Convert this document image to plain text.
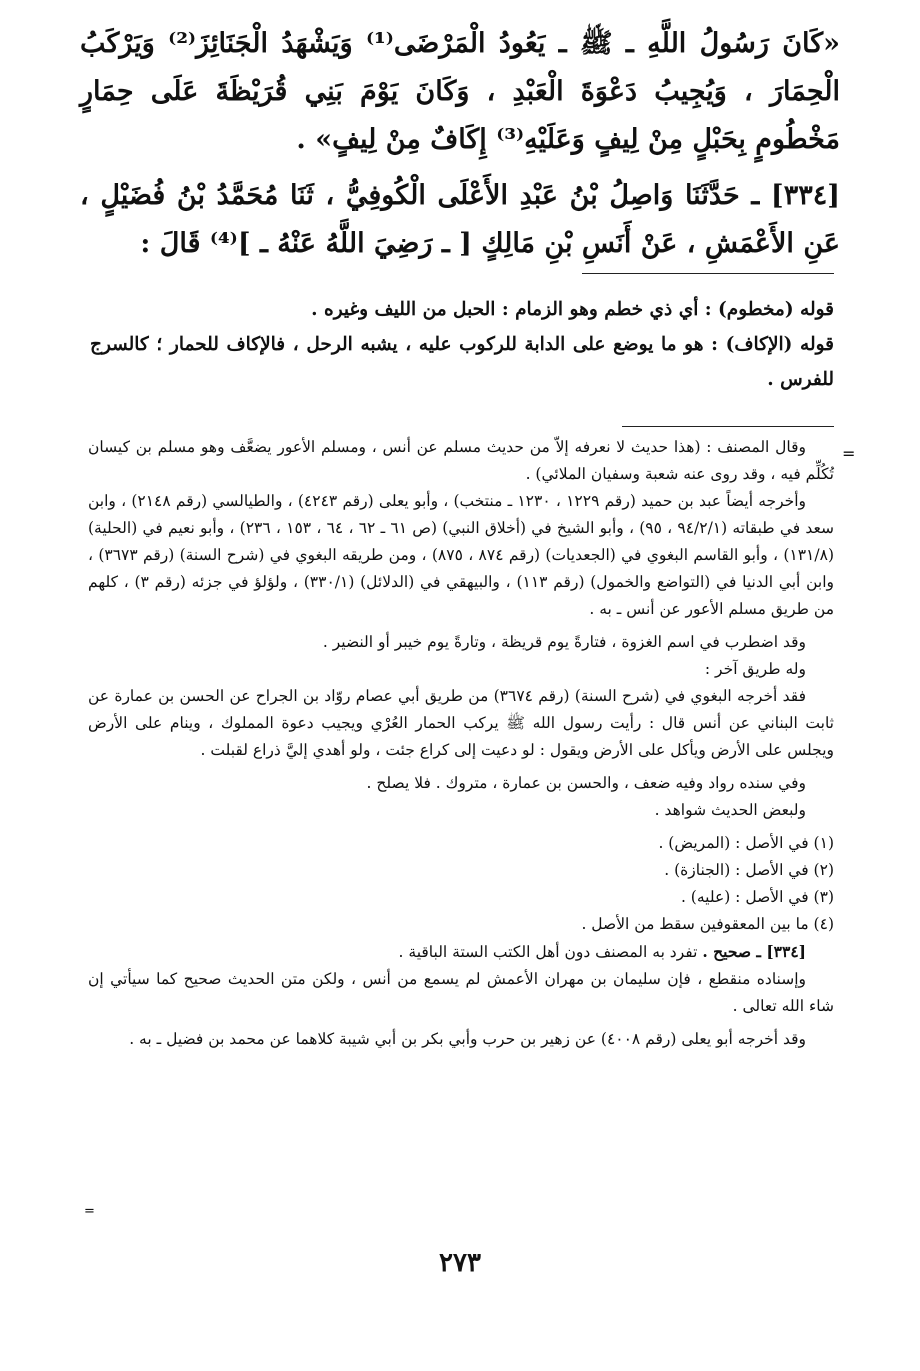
«كَانَ رَسُولُ اللَّهِ ـ ﷺ ـ يَعُودُ الْمَرْضَى⁽¹⁾ وَيَشْهَدُ الْجَنَائِزَ⁽²⁾ وَيَرْكَبُ الْحِمَارَ ، وَيُجِيبُ دَعْوَةَ الْعَبْدِ ، وَكَانَ يَوْمَ بَنِي قُرَيْظَةَ عَلَى حِمَارٍ مَخْطُومٍ بِحَبْلٍ مِنْ لِيفٍ وَعَلَيْهِ⁽³⁾ إِكَافٌ مِنْ لِيفٍ» .

[٣٣٤] ـ حَدَّثَنَا وَاصِلُ بْنُ عَبْدِ الأَعْلَى الْكُوفِيُّ ، ثَنَا مُحَمَّدُ بْنُ فُضَيْلٍ ، عَنِ الأَعْمَشِ ، عَنْ أَنَسِ بْنِ مَالِكٍ [ ـ رَضِيَ اللَّهُ عَنْهُ ـ ]⁽⁴⁾ قَالَ :

قوله (مخطوم) : أي ذي خطم وهو الزمام : الحبل من الليف وغيره .

قوله (الإكاف) : هو ما يوضع على الدابة للركوب عليه ، يشبه الرحل ، فالإكاف للحمار ؛ كالسرج للفرس .

=

وقال المصنف : (هذا حديث لا نعرفه إلاّ من حديث مسلم عن أنس ، ومسلم الأعور يضعَّف وهو مسلم بن كيسان تُكُلِّم فيه ، وقد روى عنه شعبة وسفيان الملائي) .

وأخرجه أيضاً عبد بن حميد (رقم ١٢٢٩ ، ١٢٣٠ ـ منتخب) ، وأبو يعلى (رقم ٤٢٤٣) ، والطيالسي (رقم ٢١٤٨) ، وابن سعد في طبقاته (٩٤/٢/١ ، ٩٥) ، وأبو الشيخ في (أخلاق النبي) (ص ٦١ ـ ٦٢ ، ٦٤ ، ١٥٣ ، ٢٣٦) ، وأبو نعيم في (الحلية) (١٣١/٨) ، وأبو القاسم البغوي في (الجعديات) (رقم ٨٧٤ ، ٨٧٥) ، ومن طريقه البغوي في (شرح السنة) (رقم ٣٦٧٣) ، وابن أبي الدنيا في (التواضع والخمول) (رقم ١١٣) ، والبيهقي في (الدلائل) (٣٣٠/١) ، ولؤلؤ في جزئه (رقم ٣) ، كلهم من طريق مسلم الأعور عن أنس ـ به .

وقد اضطرب في اسم الغزوة ، فتارةً يوم قريظة ، وتارةً يوم خيبر أو النضير .

وله طريق آخر :

فقد أخرجه البغوي في (شرح السنة) (رقم ٣٦٧٤) من طريق أبي عصام روّاد بن الجراح عن الحسن بن عمارة عن ثابت البناني عن أنس قال : رأيت رسول الله ﷺ يركب الحمار العُرْي ويجيب دعوة المملوك ، وينام على الأرض ويجلس على الأرض ويأكل على الأرض ويقول : لو دعيت إلى كراع جئت ، ولو أهدي إليَّ ذراع لقبلت .

وفي سنده رواد وفيه ضعف ، والحسن بن عمارة ، متروك . فلا يصلح .

ولبعض الحديث شواهد .

(١) في الأصل : (المريض) .

(٢) في الأصل : (الجنازة) .

(٣) في الأصل : (عليه) .

(٤) ما بين المعقوفين سقط من الأصل .

[٣٣٤] ـ صحيح . تفرد به المصنف دون أهل الكتب الستة الباقية .

وإسناده منقطع ، فإن سليمان بن مهران الأعمش لم يسمع من أنس ، ولكن متن الحديث صحيح كما سيأتي إن شاء الله تعالى .

وقد أخرجه أبو يعلى (رقم ٤٠٠٨) عن زهير بن حرب وأبي بكر بن أبي شيبة كلاهما عن محمد بن فضيل ـ به .

=
٢٧٣
